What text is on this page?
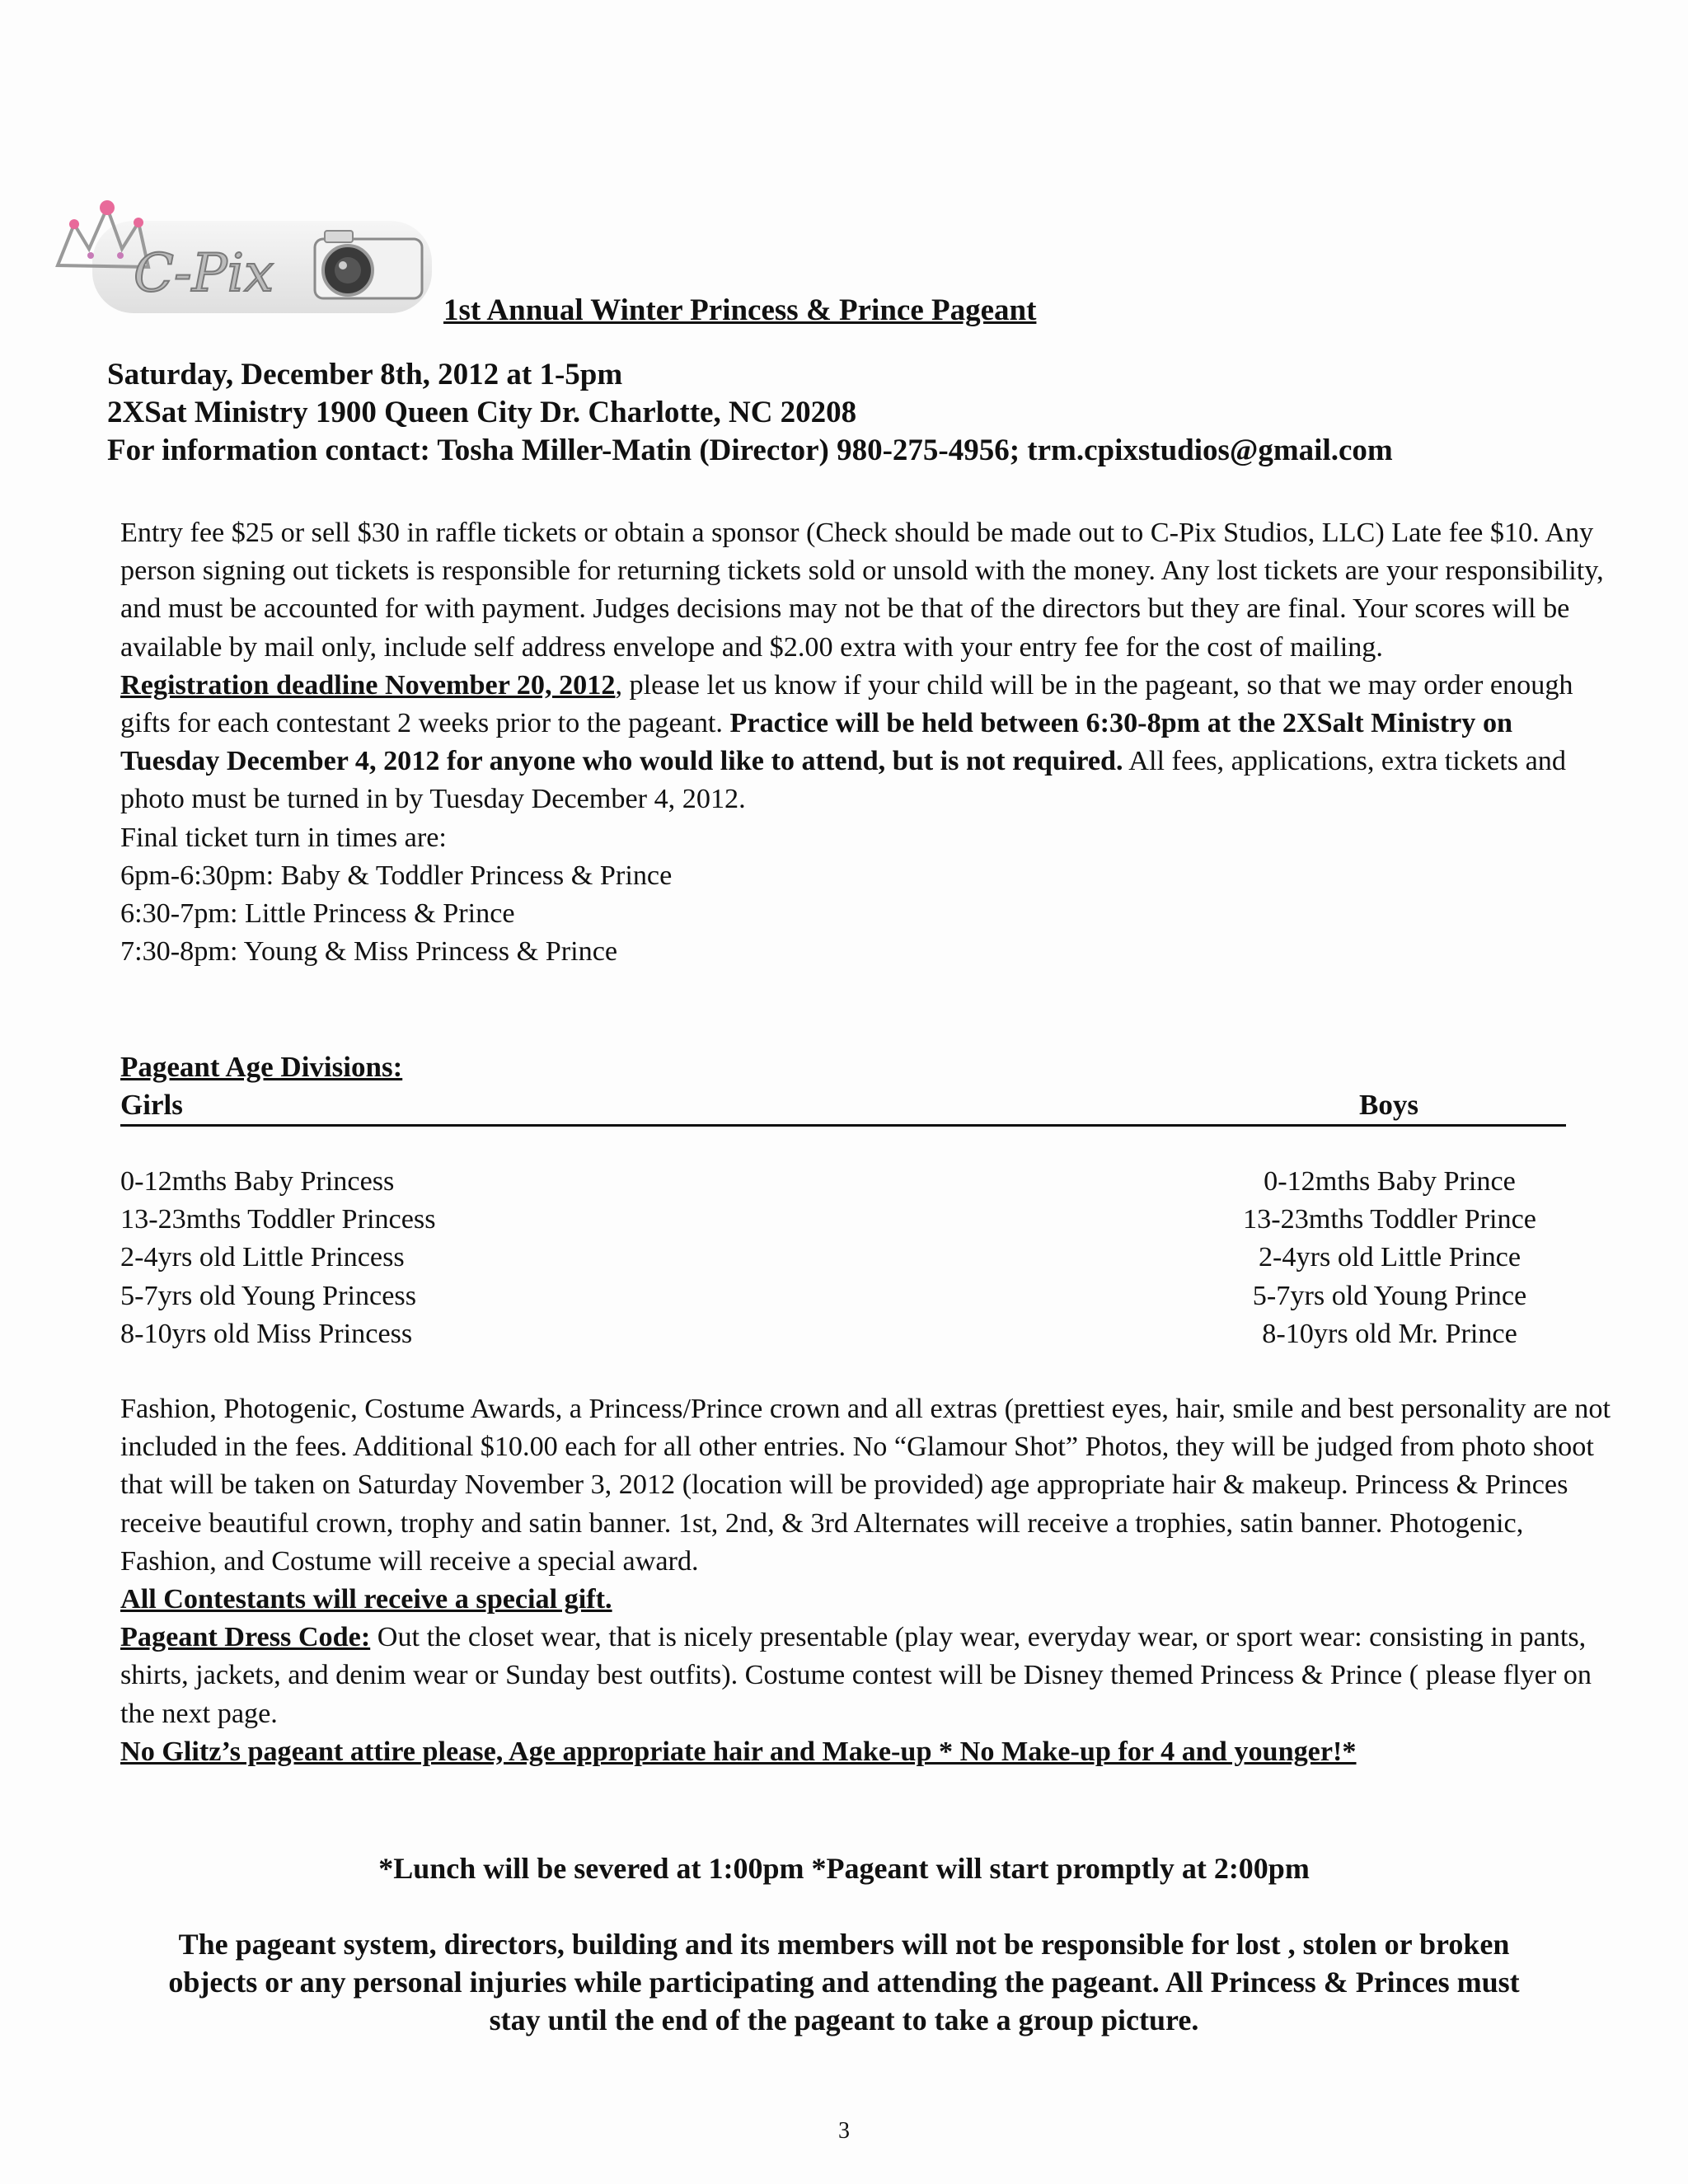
C-Pix
1st Annual Winter Princess & Prince Pageant
Saturday, December 8th, 2012 at 1-5pm
2XSat Ministry 1900 Queen City Dr. Charlotte, NC 20208
For information contact: Tosha Miller-Matin (Director) 980-275-4956; trm.cpixstudios@gmail.com

Entry fee $25 or sell $30 in raffle tickets or obtain a sponsor (Check should be made out to C-Pix Studios, LLC) Late fee $10. Any person signing out tickets is responsible for returning tickets sold or unsold with the money. Any lost tickets are your responsibility, and must be accounted for with payment. Judges decisions may not be that of the directors but they are final. Your scores will be available by mail only, include self address envelope and $2.00 extra with your entry fee for the cost of mailing.

Registration deadline November 20, 2012, please let us know if your child will be in the pageant, so that we may order enough gifts for each contestant 2 weeks prior to the pageant. Practice will be held between 6:30-8pm at the 2XSalt Ministry on Tuesday December 4, 2012 for anyone who would like to attend, but is not required. All fees, applications, extra tickets and photo must be turned in by Tuesday December 4, 2012.

Final ticket turn in times are:

6pm-6:30pm: Baby & Toddler Princess & Prince

6:30-7pm: Little Princess & Prince

7:30-8pm: Young & Miss Princess & Prince

Pageant Age Divisions:
Girls	Boys
0-12mths Baby Princess	0-12mths Baby Prince
13-23mths Toddler Princess	13-23mths Toddler Prince
2-4yrs old Little Princess	2-4yrs old Little Prince
5-7yrs old Young Princess	5-7yrs old Young Prince
8-10yrs old Miss Princess	8-10yrs old Mr. Prince

Fashion, Photogenic, Costume Awards, a Princess/Prince crown and all extras (prettiest eyes, hair, smile and best personality are not included in the fees. Additional $10.00 each for all other entries. No “Glamour Shot” Photos, they will be judged from photo shoot that will be taken on Saturday November 3, 2012 (location will be provided) age appropriate hair & makeup. Princess & Princes receive beautiful crown, trophy and satin banner. 1st, 2nd, & 3rd Alternates will receive a trophies, satin banner. Photogenic, Fashion, and Costume will receive a special award.

All Contestants will receive a special gift.

Pageant Dress Code: Out the closet wear, that is nicely presentable (play wear, everyday wear, or sport wear: consisting in pants, shirts, jackets, and denim wear or Sunday best outfits). Costume contest will be Disney themed Princess & Prince ( please flyer on the next page.

No Glitz’s pageant attire please, Age appropriate hair and Make-up * No Make-up for 4 and younger!*

*Lunch will be severed at 1:00pm *Pageant will start promptly at 2:00pm
The pageant system, directors, building and its members will not be responsible for lost , stolen or broken objects or any personal injuries while participating and attending the pageant. All Princess & Princes must stay until the end of the pageant to take a group picture.
3
